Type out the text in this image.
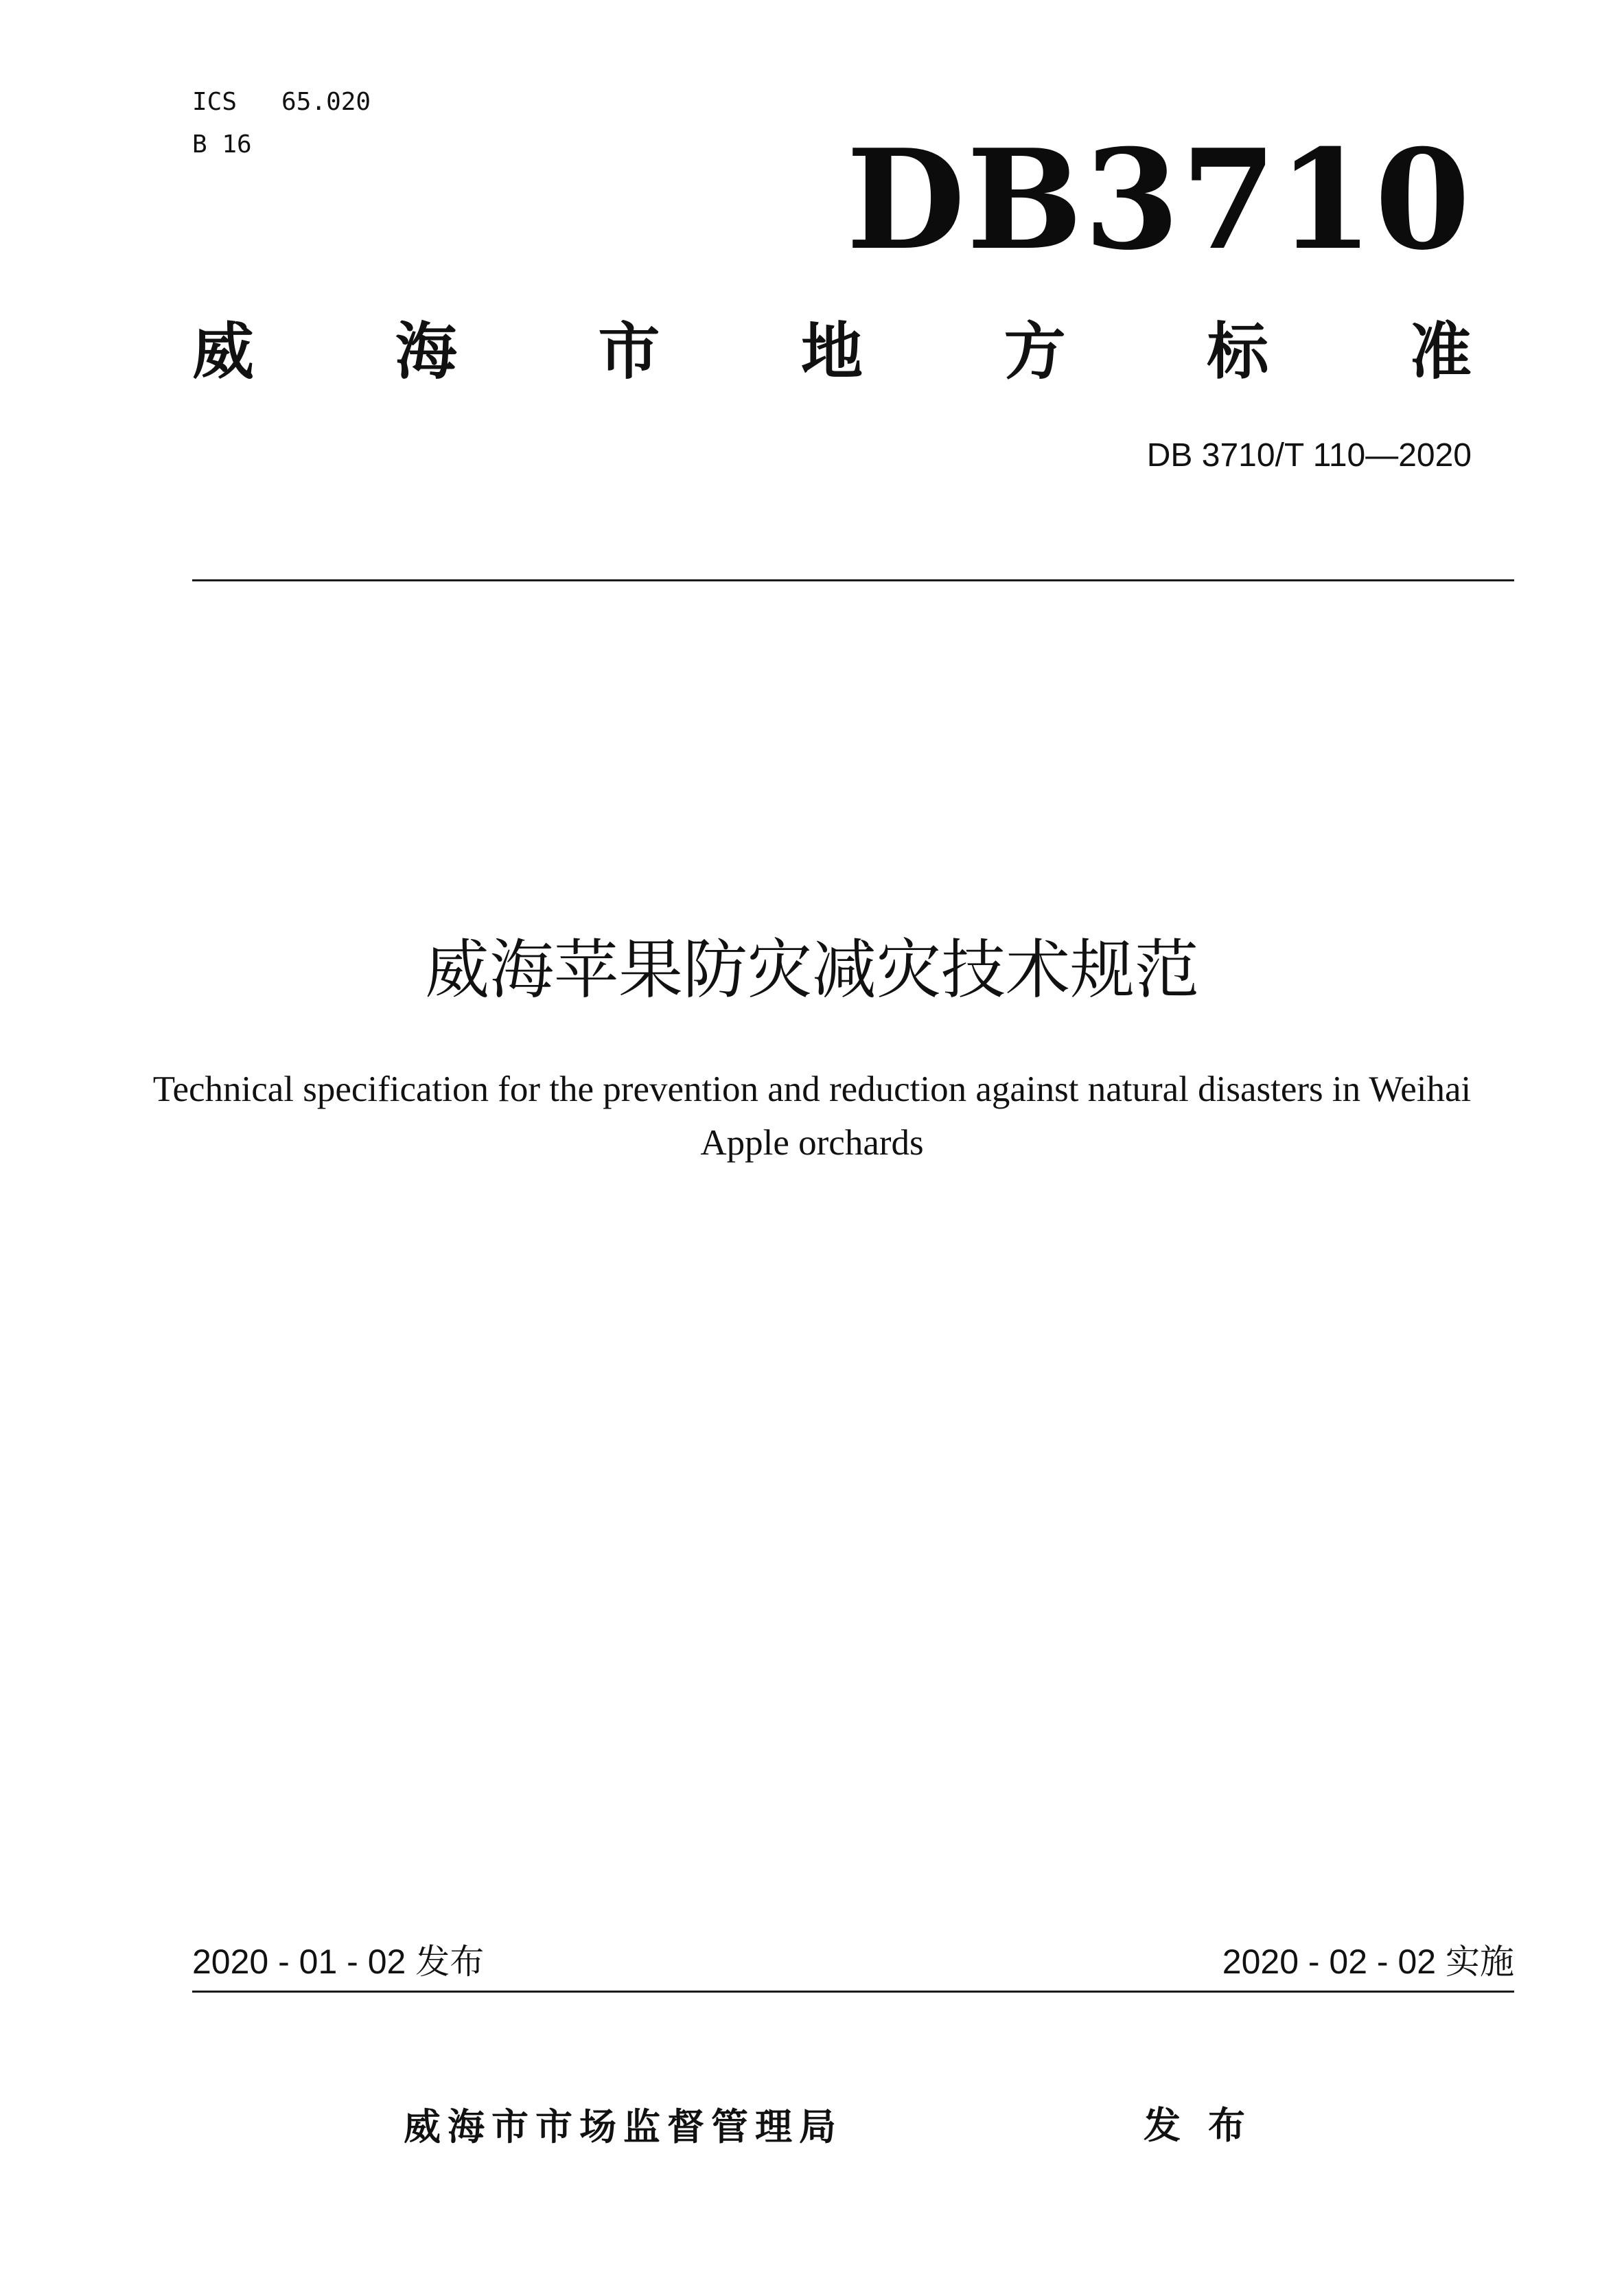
ICS   65.020
B 16	DB3710
威 海 市 地 方 标 准
DB 3710/T 110—2020
威海苹果防灾减灾技术规范
Technical specification for the prevention and reduction against natural disasters in Weihai Apple orchards
2020 - 01 - 02 发布	2020 - 02 - 02 实施
威海市市场监督管理局	发布
